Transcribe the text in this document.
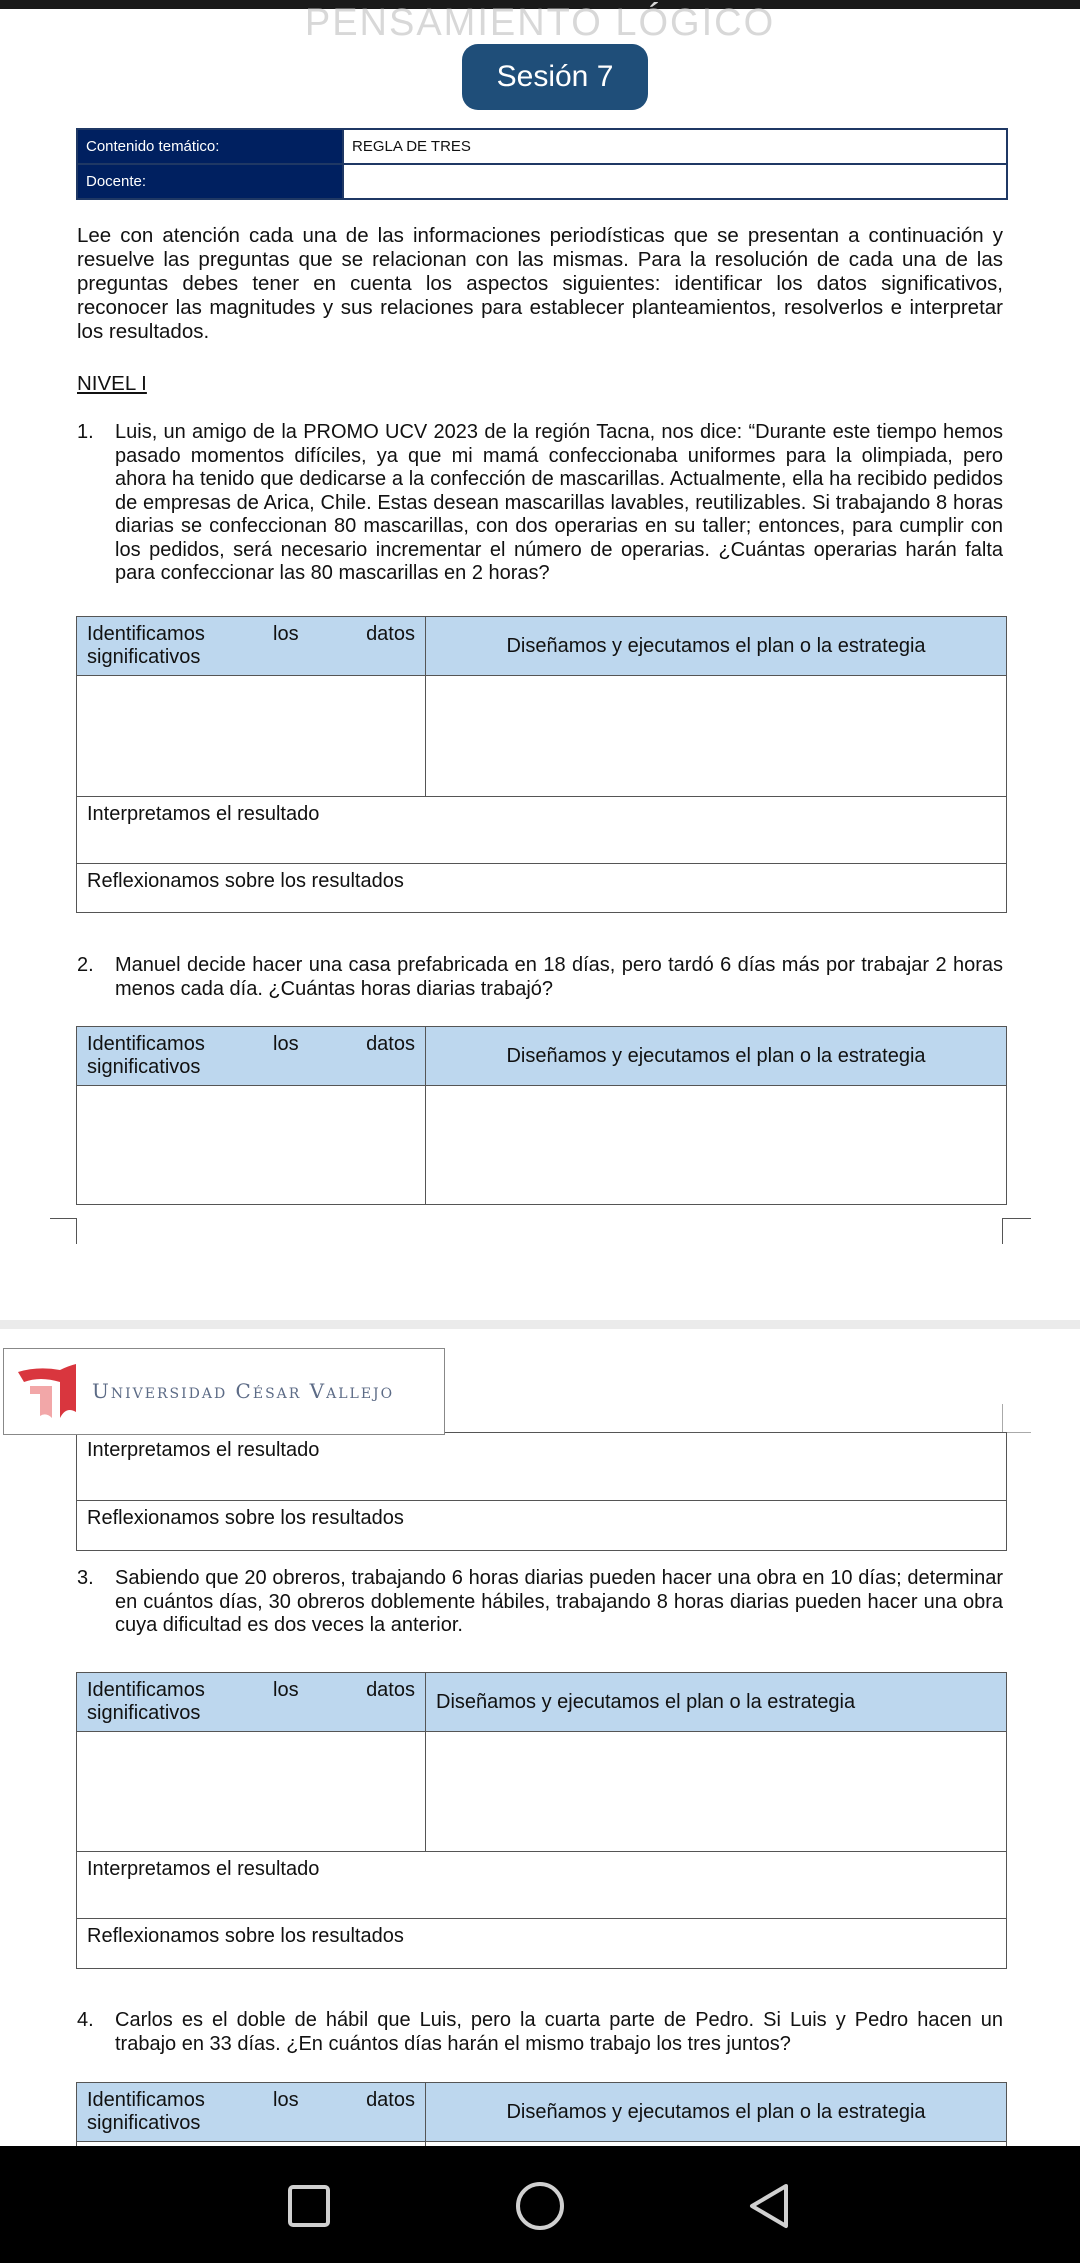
PENSAMIENTO LÓGICO
Sesión 7
Contenido temático:	REGLA DE TRES
Docente:	
Lee con atención cada una de las informaciones periodísticas que se presentan a continuación y resuelve las preguntas que se relacionan con las mismas. Para la resolución de cada una de las preguntas debes tener en cuenta los aspectos siguientes: identificar los datos significativos, reconocer las magnitudes y sus relaciones para establecer planteamientos, resolverlos e interpretar los resultados.
NIVEL I
1. Luis, un amigo de la PROMO UCV 2023 de la región Tacna, nos dice: “Durante este tiempo hemos pasado momentos difíciles, ya que mi mamá confeccionaba uniformes para la olimpiada, pero ahora ha tenido que dedicarse a la confección de mascarillas. Actualmente, ella ha recibido pedidos de empresas de Arica, Chile. Estas desean mascarillas lavables, reutilizables. Si trabajando 8 horas diarias se confeccionan 80 mascarillas, con dos operarias en su taller; entonces, para cumplir con los pedidos, será necesario incrementar el número de operarias. ¿Cuántas operarias harán falta para confeccionar las 80 mascarillas en 2 horas?
Identificamos los datos
significativos	Diseñamos y ejecutamos el plan o la estrategia

Interpretamos el resultado	
Reflexionamos sobre los resultados	
2. Manuel decide hacer una casa prefabricada en 18 días, pero tardó 6 días más por trabajar 2 horas menos cada día. ¿Cuántas horas diarias trabajó?
Identificamos los datos
significativos	Diseñamos y ejecutamos el plan o la estrategia

Interpretamos el resultado
Reflexionamos sobre los resultados
Universidad César Vallejo
3. Sabiendo que 20 obreros, trabajando 6 horas diarias pueden hacer una obra en 10 días; determinar en cuántos días, 30 obreros doblemente hábiles, trabajando 8 horas diarias pueden hacer una obra cuya dificultad es dos veces la anterior.
Identificamos los datos
significativos	Diseñamos y ejecutamos el plan o la estrategia

Interpretamos el resultado	
Reflexionamos sobre los resultados	
4. Carlos es el doble de hábil que Luis, pero la cuarta parte de Pedro. Si Luis y Pedro hacen un trabajo en 33 días. ¿En cuántos días harán el mismo trabajo los tres juntos?
Identificamos los datos
significativos	Diseñamos y ejecutamos el plan o la estrategia
